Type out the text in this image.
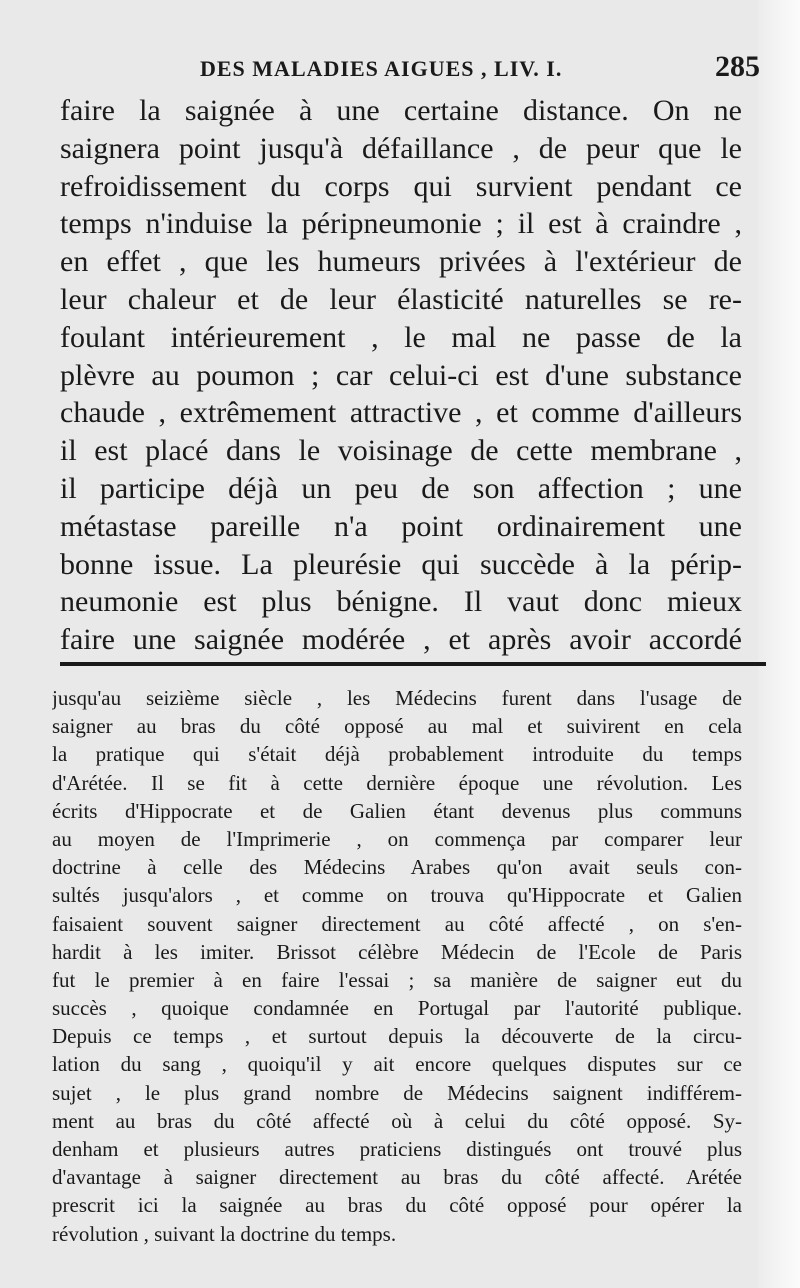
DES MALADIES AIGUES , LIV. I.	285
faire la saignée à une certaine distance. On ne
saignera point jusqu'à défaillance , de peur que le
refroidissement du corps qui survient pendant ce
temps n'induise la péripneumonie ; il est à craindre ,
en effet , que les humeurs privées à l'extérieur de
leur chaleur et de leur élasticité naturelles se re-
foulant intérieurement , le mal ne passe de la
plèvre au poumon ; car celui-ci est d'une substance
chaude , extrêmement attractive , et comme d'ailleurs
il est placé dans le voisinage de cette membrane ,
il participe déjà un peu de son affection ; une
métastase pareille n'a point ordinairement une
bonne issue. La pleurésie qui succède à la périp-
neumonie est plus bénigne. Il vaut donc mieux
faire une saignée modérée , et après avoir accordé
jusqu'au seizième siècle , les Médecins furent dans l'usage de
saigner au bras du côté opposé au mal et suivirent en cela
la pratique qui s'était déjà probablement introduite du temps
d'Arétée. Il se fit à cette dernière époque une révolution. Les
écrits d'Hippocrate et de Galien étant devenus plus communs
au moyen de l'Imprimerie , on commença par comparer leur
doctrine à celle des Médecins Arabes qu'on avait seuls con-
sultés jusqu'alors , et comme on trouva qu'Hippocrate et Galien
faisaient souvent saigner directement au côté affecté , on s'en-
hardit à les imiter. Brissot célèbre Médecin de l'Ecole de Paris
fut le premier à en faire l'essai ; sa manière de saigner eut du
succès , quoique condamnée en Portugal par l'autorité publique.
Depuis ce temps , et surtout depuis la découverte de la circu-
lation du sang , quoiqu'il y ait encore quelques disputes sur ce
sujet , le plus grand nombre de Médecins saignent indifférem-
ment au bras du côté affecté où à celui du côté opposé. Sy-
denham et plusieurs autres praticiens distingués ont trouvé plus
d'avantage à saigner directement au bras du côté affecté. Arétée
prescrit ici la saignée au bras du côté opposé pour opérer la
révolution , suivant la doctrine du temps.
